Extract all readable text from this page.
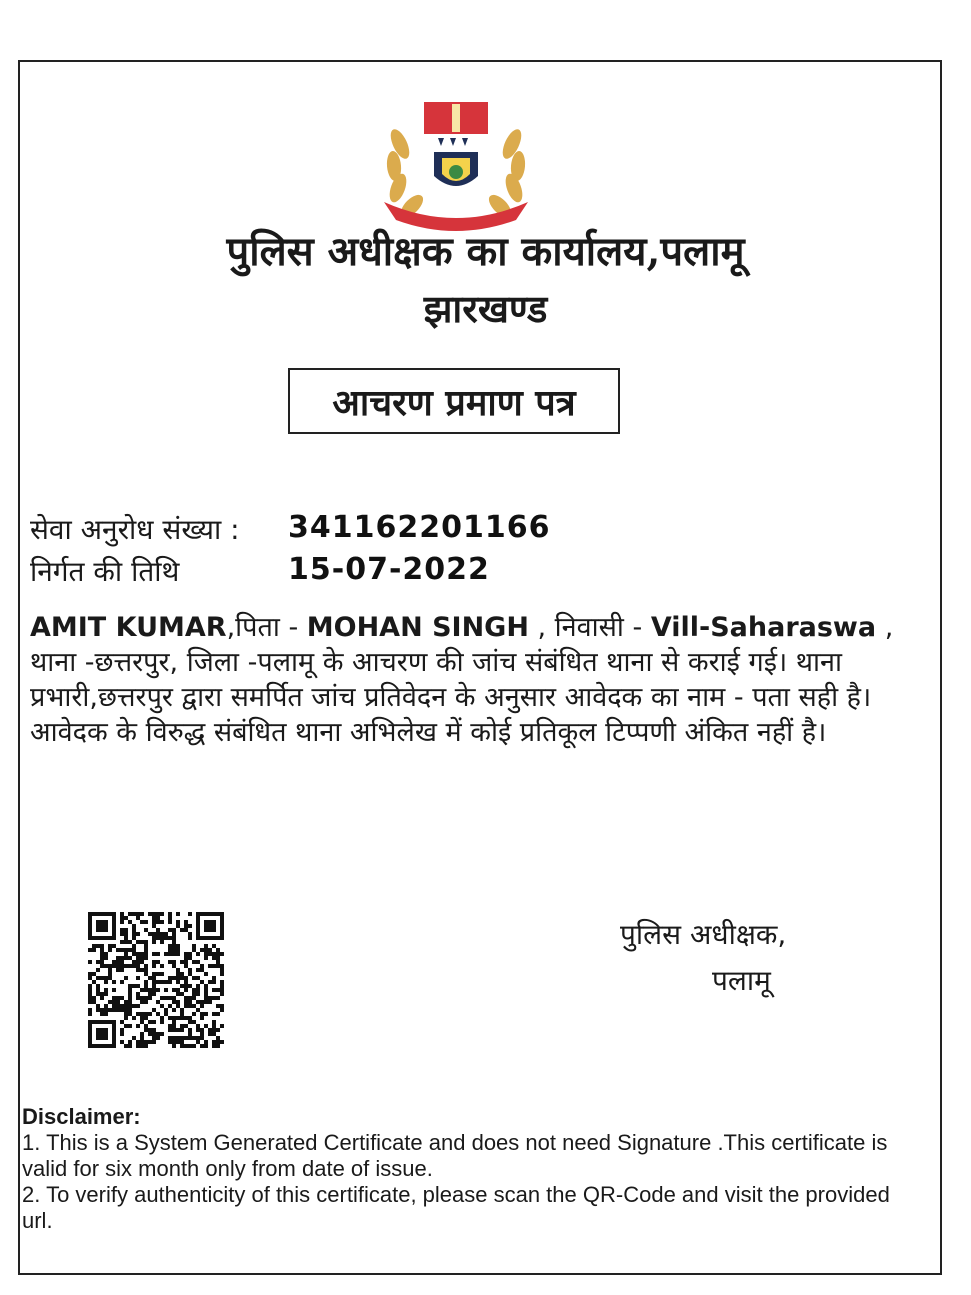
पुलिस अधीक्षक का कार्यालय,पलामू
झारखण्ड
आचरण प्रमाण पत्र
सेवा अनुरोध संख्या : 341162201166
निर्गत की तिथि	15-07-2022
AMIT KUMAR,पिता - MOHAN SINGH , निवासी - Vill-Saharaswa , थाना -छत्तरपुर, जिला -पलामू के आचरण की जांच संबंधित थाना से कराई गई। थाना प्रभारी,छत्तरपुर द्वारा समर्पित जांच प्रतिवेदन के अनुसार आवेदक का नाम - पता सही है। आवेदक के विरुद्ध संबंधित थाना अभिलेख में कोई प्रतिकूल टिप्पणी अंकित नहीं है।
पुलिस अधीक्षक,
पलामू
Disclaimer:
1. This is a System Generated Certificate and does not need Signature .This certificate is valid for six month only from date of issue.
2. To verify authenticity of this certificate, please scan the QR-Code and visit the provided url.
